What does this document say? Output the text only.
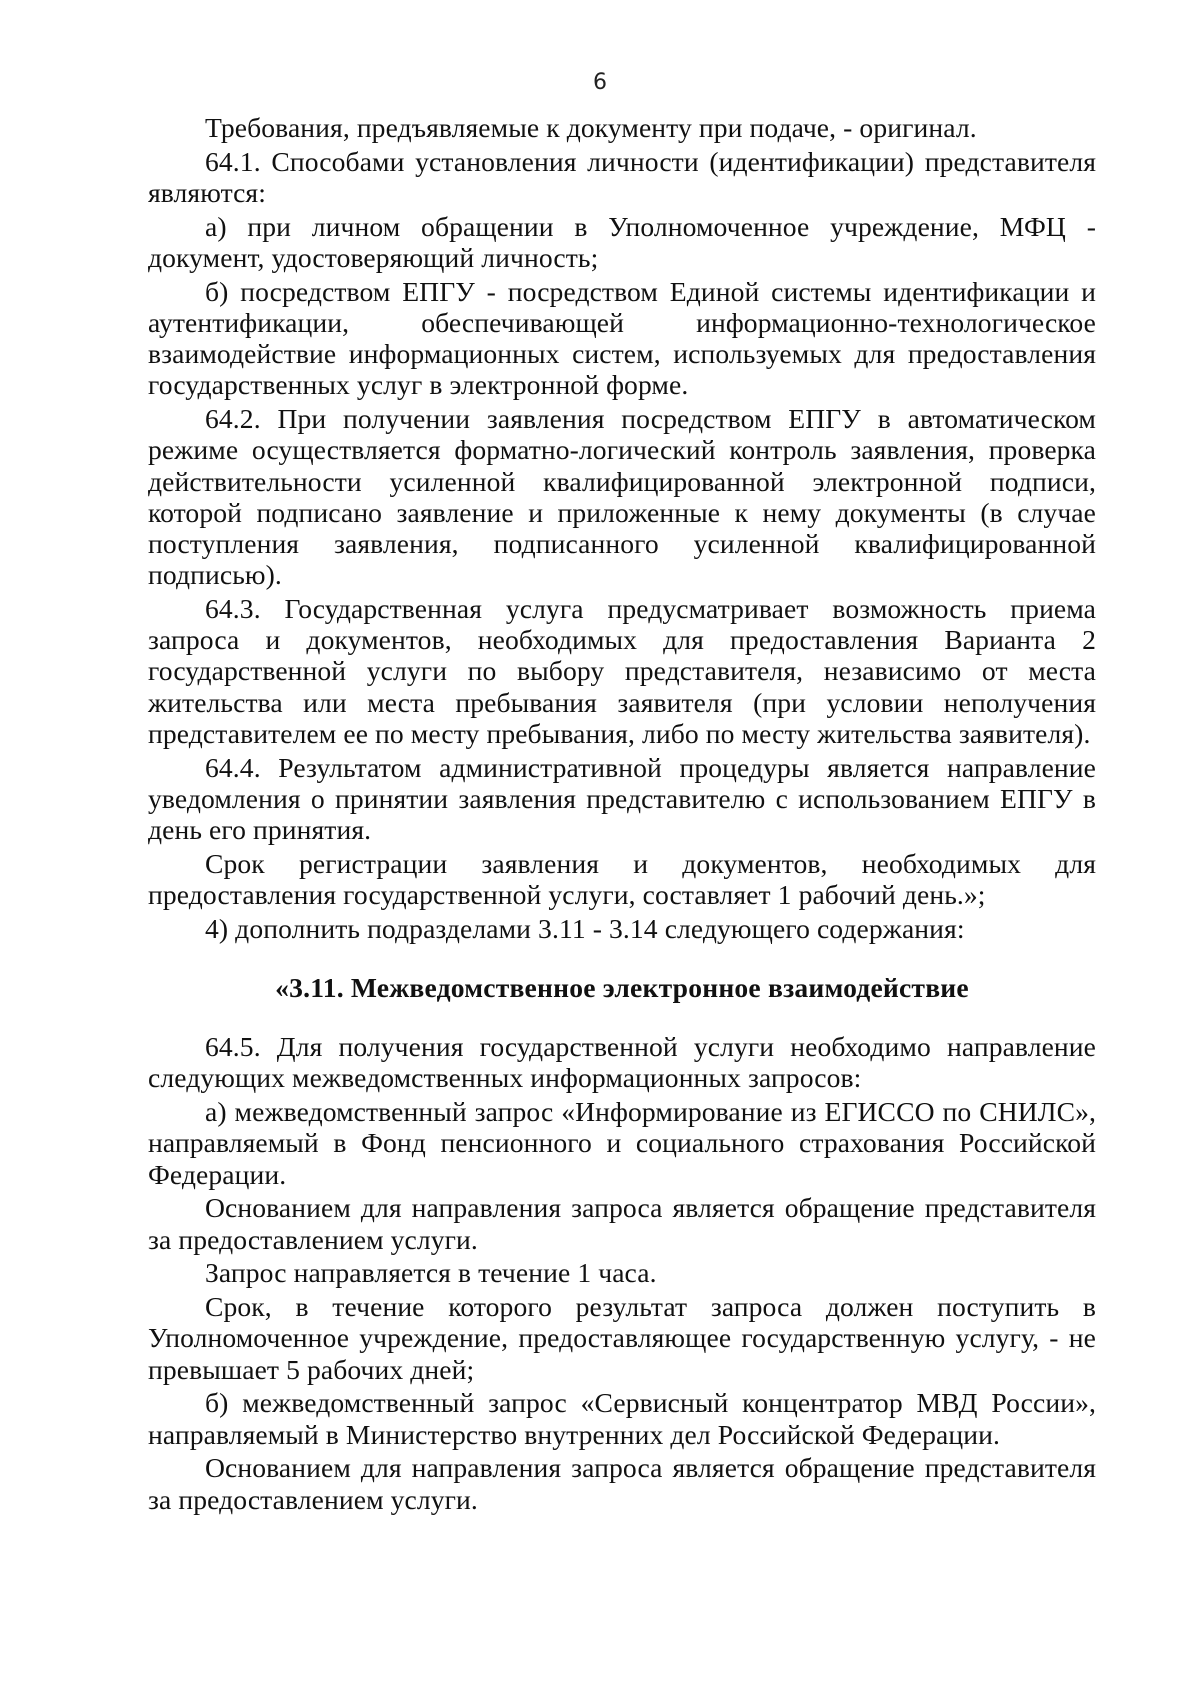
6

Требования, предъявляемые к документу при подаче, - оригинал.

64.1. Способами установления личности (идентификации) представителя являются:

а) при личном обращении в Уполномоченное учреждение, МФЦ - документ, удостоверяющий личность;

б) посредством ЕПГУ - посредством Единой системы идентификации и аутентификации, обеспечивающей информационно-технологическое взаимодействие информационных систем, используемых для предоставления государственных услуг в электронной форме.

64.2. При получении заявления посредством ЕПГУ в автоматическом режиме осуществляется форматно-логический контроль заявления, проверка действительности усиленной квалифицированной электронной подписи, которой подписано заявление и приложенные к нему документы (в случае поступления заявления, подписанного усиленной квалифицированной подписью).

64.3. Государственная услуга предусматривает возможность приема запроса и документов, необходимых для предоставления Варианта 2 государственной услуги по выбору представителя, независимо от места жительства или места пребывания заявителя (при условии неполучения представителем ее по месту пребывания, либо по месту жительства заявителя).

64.4. Результатом административной процедуры является направление уведомления о принятии заявления представителю с использованием ЕПГУ в день его принятия.

Срок регистрации заявления и документов, необходимых для предоставления государственной услуги, составляет 1 рабочий день.»;

4) дополнить подразделами 3.11 - 3.14 следующего содержания:

«3.11. Межведомственное электронное взаимодействие

64.5. Для получения государственной услуги необходимо направление следующих межведомственных информационных запросов:

а) межведомственный запрос «Информирование из ЕГИССО по СНИЛС», направляемый в Фонд пенсионного и социального страхования Российской Федерации.

Основанием для направления запроса является обращение представителя за предоставлением услуги.

Запрос направляется в течение 1 часа.

Срок, в течение которого результат запроса должен поступить в Уполномоченное учреждение, предоставляющее государственную услугу, - не превышает 5 рабочих дней;

б) межведомственный запрос «Сервисный концентратор МВД России», направляемый в Министерство внутренних дел Российской Федерации.

Основанием для направления запроса является обращение представителя за предоставлением услуги.
